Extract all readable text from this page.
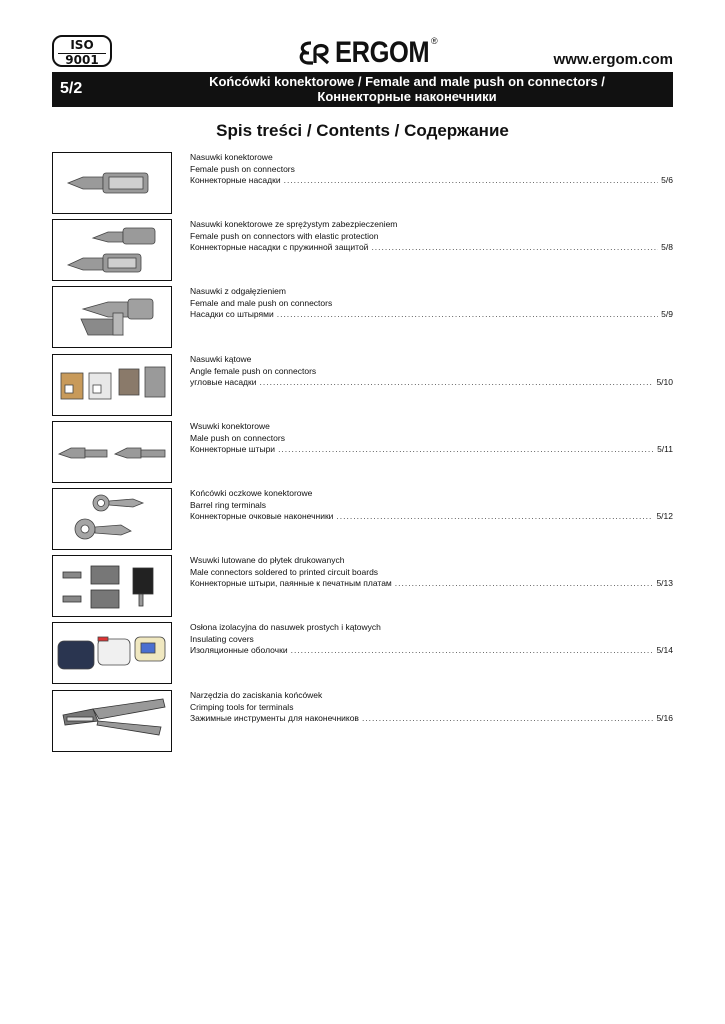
ISO
9001	ERGOM ®
www.ergom.com
5/2	Końcówki konektorowe / Female and male push on connectors /
Коннекторные наконечники
Spis treści / Contents / Содержание
Nasuwki konektorowe
Female push on connectors
Коннекторные насадки .....	5/6
Nasuwki konektorowe ze sprężystym zabezpieczeniem
Female push on connectors with elastic protection
Коннекторные насадки с пружинной защитой .....	5/8
Nasuwki z odgałęzieniem
Female and male push on connectors
Насадки со штырями .....	5/9
Nasuwki kątowe
Angle female push on connectors
угловые насадки .....	5/10
Wsuwki konektorowe
Male push on connectors
Коннекторные штыри .....	5/11
Końcówki oczkowe konektorowe
Barrel ring terminals
Коннекторные очковые наконечники .....	5/12
Wsuwki lutowane do płytek drukowanych
Male connectors soldered to printed circuit boards
Коннекторные штыри, паянные к печатным платам .....	5/13
Osłona izolacyjna do nasuwek prostych i kątowych
Insulating covers
Изоляционные оболочки .....	5/14
Narzędzia do zaciskania końcówek
Crimping tools for terminals
Зажимные инструменты для наконечников .....	5/16
